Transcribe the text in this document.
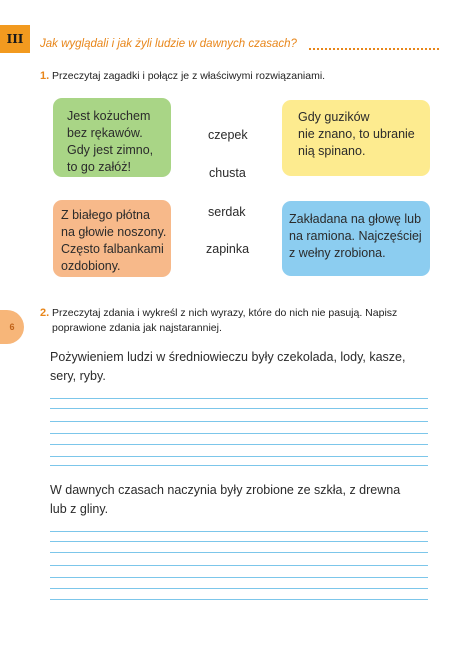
III	Jak wyglądali i jak żyli ludzie w dawnych czasach?
1. Przeczytaj zagadki i połącz je z właściwymi rozwiązaniami.
Jest kożuchem
bez rękawów.
Gdy jest zimno,
to go załóż!
Gdy guzików
nie znano, to ubranie
nią spinano.
Z białego płótna
na głowie noszony.
Często falbankami
ozdobiony.
Zakładana na głowę lub
na ramiona. Najczęściej
z wełny zrobiona.
czepek
chusta
serdak
zapinka
6
2. Przeczytaj zdania i wykreśl z nich wyrazy, które do nich nie pasują. Napisz
poprawione zdania jak najstaranniej.
Pożywieniem ludzi w średniowieczu były czekolada, lody, kasze,
sery, ryby.
W dawnych czasach naczynia były zrobione ze szkła, z drewna
lub z gliny.
